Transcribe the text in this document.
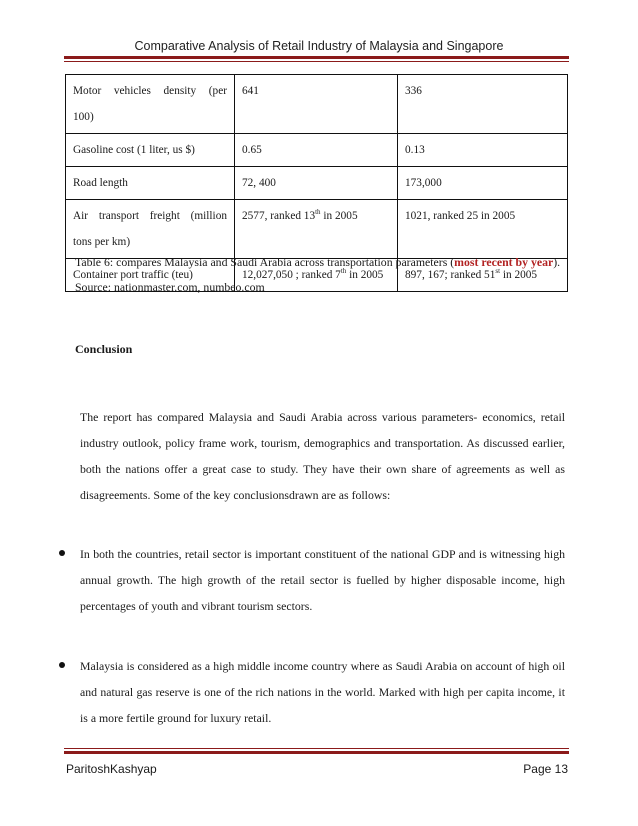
Comparative Analysis of Retail Industry of Malaysia and Singapore
Motor vehicles density (per
100)	641	336
Gasoline cost (1 liter, us $)	0.65	0.13
Road length	72, 400	173,000

Air transport freight (million
tons per km)	2577, ranked 13th in 2005	1021, ranked 25 in 2005
Container port traffic (teu)	12,027,050 ; ranked 7th in 2005	897, 167; ranked 51st in 2005
Table 6: compares Malaysia and Saudi Arabia across transportation parameters (most recent by year). Source: nationmaster.com, numbeo.com
Conclusion
The report has compared Malaysia and Saudi Arabia across various parameters- economics, retail industry outlook, policy frame work, tourism, demographics and transportation. As discussed earlier, both the nations offer a great case to study. They have their own share of agreements as well as disagreements. Some of the key conclusionsdrawn are as follows:
In both the countries, retail sector is important constituent of the national GDP and is witnessing high annual growth. The high growth of the retail sector is fuelled by higher disposable income, high percentages of youth and vibrant tourism sectors.
Malaysia is considered as a high middle income country where as Saudi Arabia on account of high oil and natural gas reserve is one of the rich nations in the world. Marked with high per capita income, it is a more fertile ground for luxury retail.
ParitoshKashyap	Page 13
